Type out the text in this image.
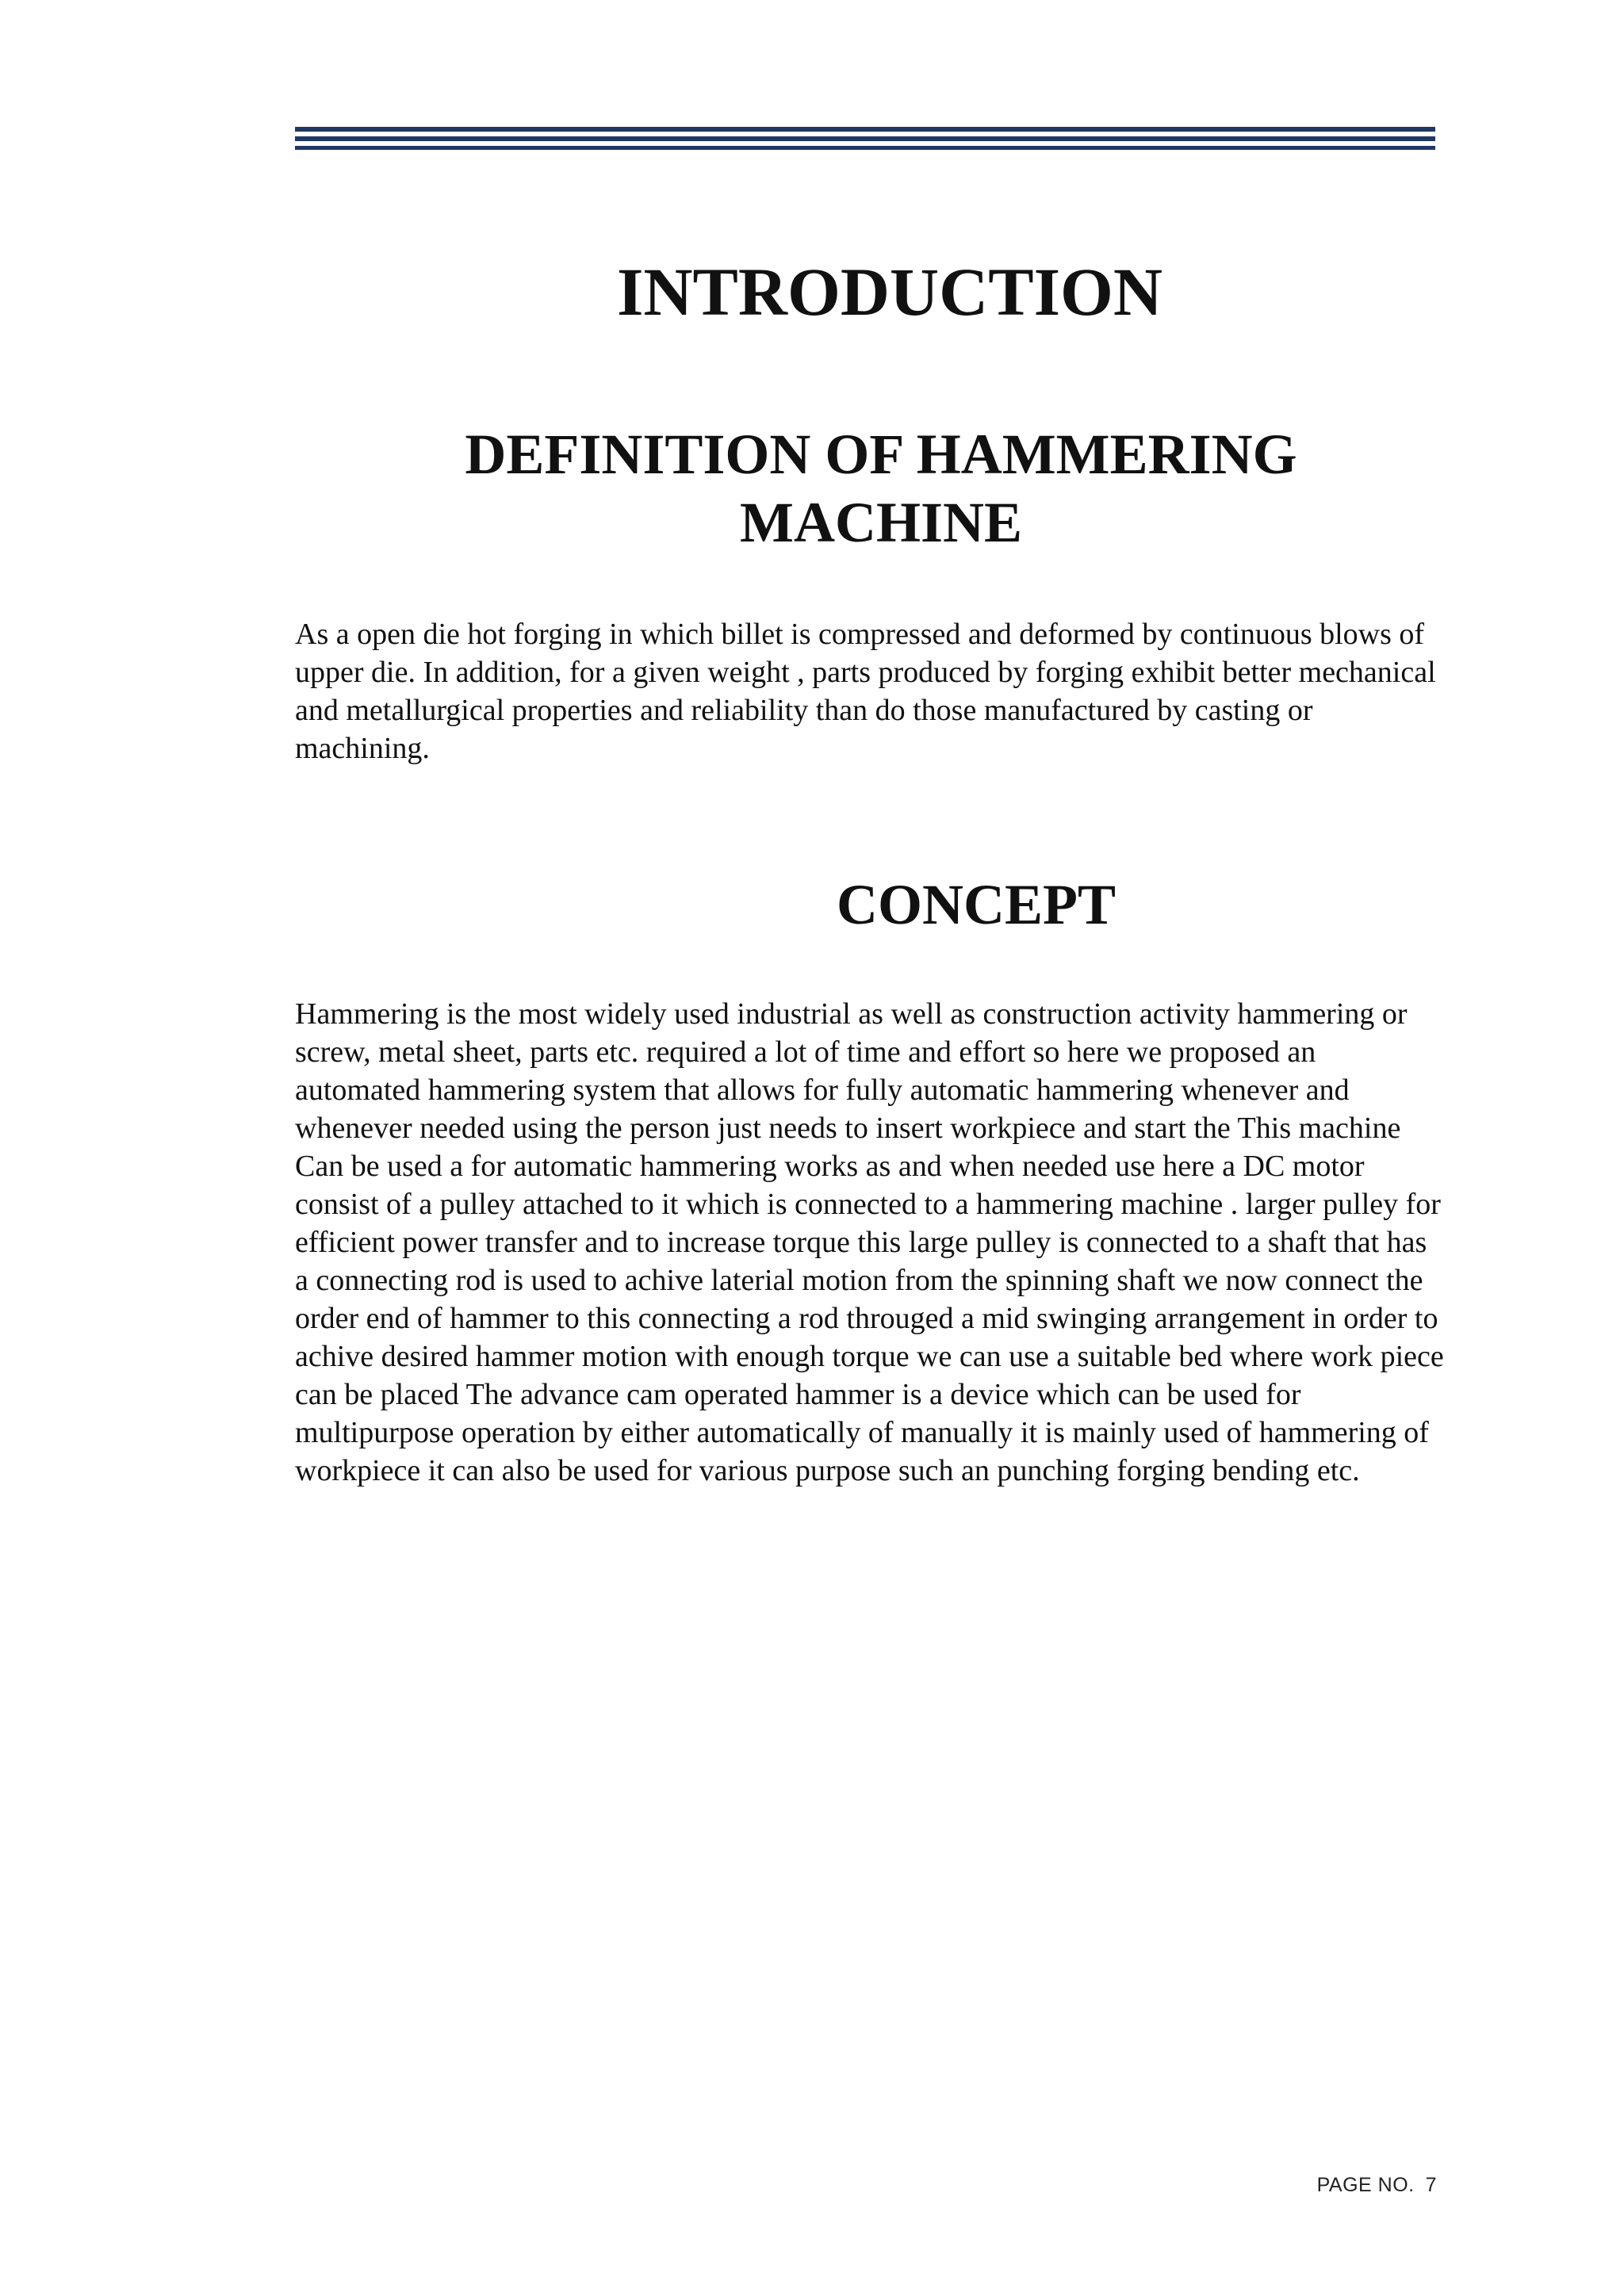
INTRODUCTION
DEFINITION OF HAMMERING
MACHINE

As a open die hot forging in which billet is compressed and deformed by continuous blows of upper die. In addition, for a given weight , parts produced by forging exhibit better mechanical and metallurgical properties and reliability than do those manufactured by casting or machining.

CONCEPT

Hammering is the most widely used industrial as well as construction activity hammering or screw, metal sheet, parts etc. required a lot of time and effort so here we proposed an automated hammering system that allows for fully automatic hammering whenever and whenever needed using the person just needs to insert workpiece and start the This machine Can be used a for automatic hammering works as and when needed use here a DC motor consist of a pulley attached to it which is connected to a hammering machine . larger pulley for efficient power transfer and to increase torque this large pulley is connected to a shaft that has a connecting rod is used to achive laterial motion from the spinning shaft we now connect the order end of hammer to this connecting a rod througed a mid swinging arrangement in order to achive desired hammer motion with enough torque we can use a suitable bed where work piece can be placed The advance cam operated hammer is a device which can be used for multipurpose operation by either automatically of manually it is mainly used of hammering of workpiece it can also be used for various purpose such an punching forging bending etc.

PAGE NO. 7
